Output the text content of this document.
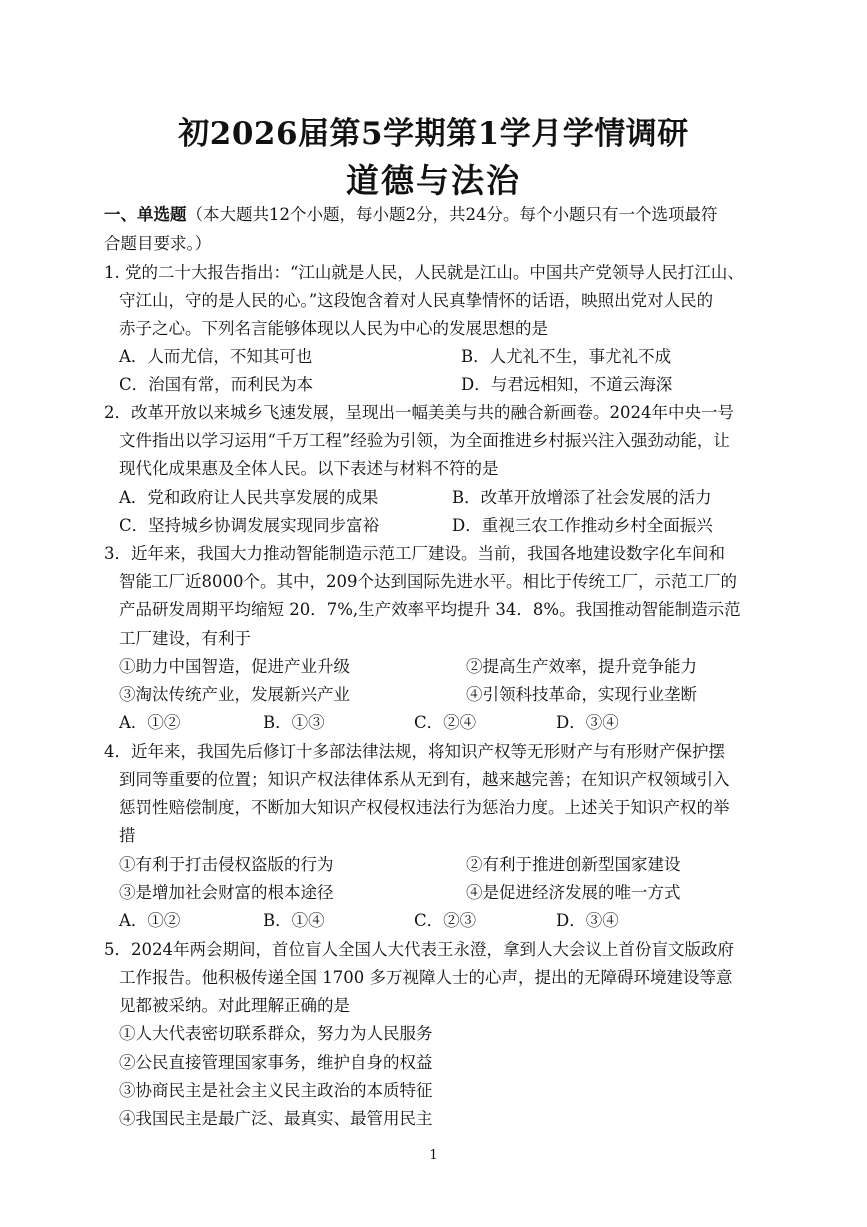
初2026届第5学期第1学月学情调研
道德与法治
一、单选题（本大题共12个小题，每小题2分，共24分。每个小题只有一个选项最符
合题目要求。）
1. 党的二十大报告指出：“江山就是人民，人民就是江山。中国共产党领导人民打江山、
守江山，守的是人民的心。”这段饱含着对人民真挚情怀的话语，映照出党对人民的
赤子之心。下列名言能够体现以人民为中心的发展思想的是
A．人而尤信，不知其可也	B．人尤礼不生，事尤礼不成
C．治国有常，而利民为本	D．与君远相知，不道云海深
2．改革开放以来城乡飞速发展，呈现出一幅美美与共的融合新画卷。2024年中央一号
文件指出以学习运用“千万工程”经验为引领，为全面推进乡村振兴注入强劲动能，让
现代化成果惠及全体人民。以下表述与材料不符的是
A．党和政府让人民共享发展的成果	B．改革开放增添了社会发展的活力
C．坚持城乡协调发展实现同步富裕	D．重视三农工作推动乡村全面振兴
3．近年来，我国大力推动智能制造示范工厂建设。当前，我国各地建设数字化车间和
智能工厂近8000个。其中，209个达到国际先进水平。相比于传统工厂，示范工厂的
产品研发周期平均缩短 20．7%,生产效率平均提升 34．8%。我国推动智能制造示范
工厂建设，有利于
①助力中国智造，促进产业升级	②提高生产效率，提升竞争能力
③淘汰传统产业，发展新兴产业	④引领科技革命，实现行业垄断
A．①②	B．①③	C．②④	D．③④
4．近年来，我国先后修订十多部法律法规，将知识产权等无形财产与有形财产保护摆
到同等重要的位置；知识产权法律体系从无到有，越来越完善；在知识产权领域引入
惩罚性赔偿制度，不断加大知识产权侵权违法行为惩治力度。上述关于知识产权的举
措
①有利于打击侵权盗版的行为	②有利于推进创新型国家建设
③是增加社会财富的根本途径	④是促进经济发展的唯一方式
A．①②	B．①④	C．②③	D．③④
5．2024年两会期间，首位盲人全国人大代表王永澄，拿到人大会议上首份盲文版政府
工作报告。他积极传递全国 1700 多万视障人士的心声，提出的无障碍环境建设等意
见都被采纳。对此理解正确的是
①人大代表密切联系群众，努力为人民服务
②公民直接管理国家事务，维护自身的权益
③协商民主是社会主义民主政治的本质特征
④我国民主是最广泛、最真实、最管用民主
1
